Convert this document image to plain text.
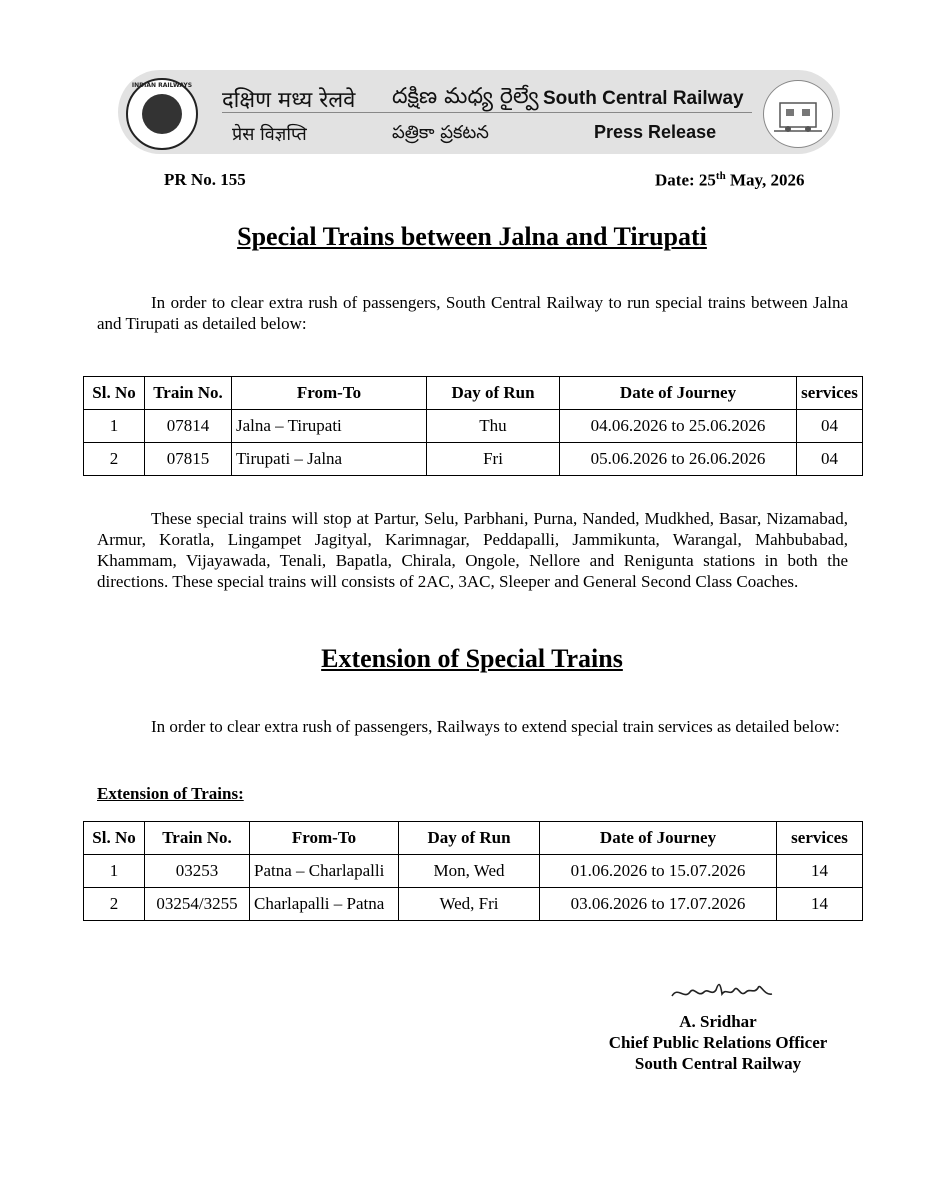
INDIAN RAILWAYS
दक्षिण मध्य रेलवे దక్షిణ మధ్య రైల్వే South Central Railway
प्रेस विज्ञप्ति	పత్రికా ప్రకటన	Press Release
PR No. 155	Date: 25th May, 2026
Special Trains between Jalna and Tirupati
In order to clear extra rush of passengers, South Central Railway to run special trains between Jalna and Tirupati as detailed below:
Sl. No	Train No.	From-To	Day of Run	Date of Journey	services
1	07814	Jalna – Tirupati	Thu	04.06.2026 to 25.06.2026	04
2	07815	Tirupati – Jalna	Fri	05.06.2026 to 26.06.2026	04
These special trains will stop at Partur, Selu, Parbhani, Purna, Nanded, Mudkhed, Basar, Nizamabad, Armur, Koratla, Lingampet Jagityal, Karimnagar, Peddapalli, Jammikunta, Warangal, Mahbubabad, Khammam, Vijayawada, Tenali, Bapatla, Chirala, Ongole, Nellore and Renigunta stations in both the directions. These special trains will consists of 2AC, 3AC, Sleeper and General Second Class Coaches.
Extension of Special Trains
In order to clear extra rush of passengers, Railways to extend special train services as detailed below:
Extension of Trains:
Sl. No	Train No.	From-To	Day of Run	Date of Journey	services
1	03253	Patna – Charlapalli	Mon, Wed	01.06.2026 to 15.07.2026	14
2	03254/3255	Charlapalli – Patna	Wed, Fri	03.06.2026 to 17.07.2026	14
A. Sridhar
Chief Public Relations Officer
South Central Railway
